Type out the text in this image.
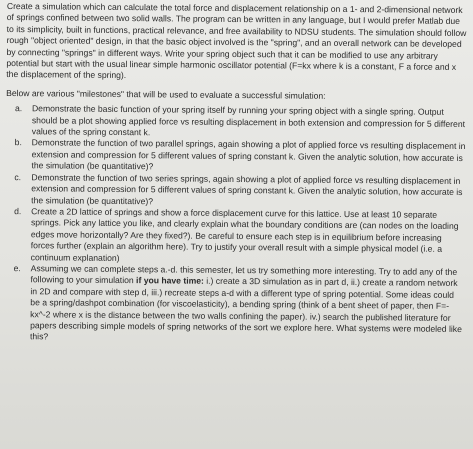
Create a simulation which can calculate the total force and displacement relationship on a 1- and 2-dimensional network of springs confined between two solid walls. The program can be written in any language, but I would prefer Matlab due to its simplicity, built in functions, practical relevance, and free availability to NDSU students. The simulation should follow rough "object oriented" design, in that the basic object involved is the "spring", and an overall network can be developed by connecting "springs" in different ways. Write your spring object such that it can be modified to use any arbitrary potential but start with the usual linear simple harmonic oscillator potential (F=kx where k is a constant, F a force and x the displacement of the spring).

Below are various "milestones" that will be used to evaluate a successful simulation:

a. Demonstrate the basic function of your spring itself by running your spring object with a single spring. Output should be a plot showing applied force vs resulting displacement in both extension and compression for 5 different values of the spring constant k.
b. Demonstrate the function of two parallel springs, again showing a plot of applied force vs resulting displacement in extension and compression for 5 different values of spring constant k. Given the analytic solution, how accurate is the simulation (be quantitative)?
c. Demonstrate the function of two series springs, again showing a plot of applied force vs resulting displacement in extension and compression for 5 different values of spring constant k. Given the analytic solution, how accurate is the simulation (be quantitative)?
d. Create a 2D lattice of springs and show a force displacement curve for this lattice. Use at least 10 separate springs. Pick any lattice you like, and clearly explain what the boundary conditions are (can nodes on the loading edges move horizontally? Are they fixed?). Be careful to ensure each step is in equilibrium before increasing forces further (explain an algorithm here). Try to justify your overall result with a simple physical model (i.e. a continuum explanation)
e. Assuming we can complete steps a.-d. this semester, let us try something more interesting. Try to add any of the following to your simulation if you have time: i.) create a 3D simulation as in part d, ii.) create a random network in 2D and compare with step d, iii.) recreate steps a-d with a different type of spring potential. Some ideas could be a spring/dashpot combination (for viscoelasticity), a bending spring (think of a bent sheet of paper, then F=-kx^-2 where x is the distance between the two walls confining the paper). iv.) search the published literature for papers describing simple models of spring networks of the sort we explore here. What systems were modeled like this?
